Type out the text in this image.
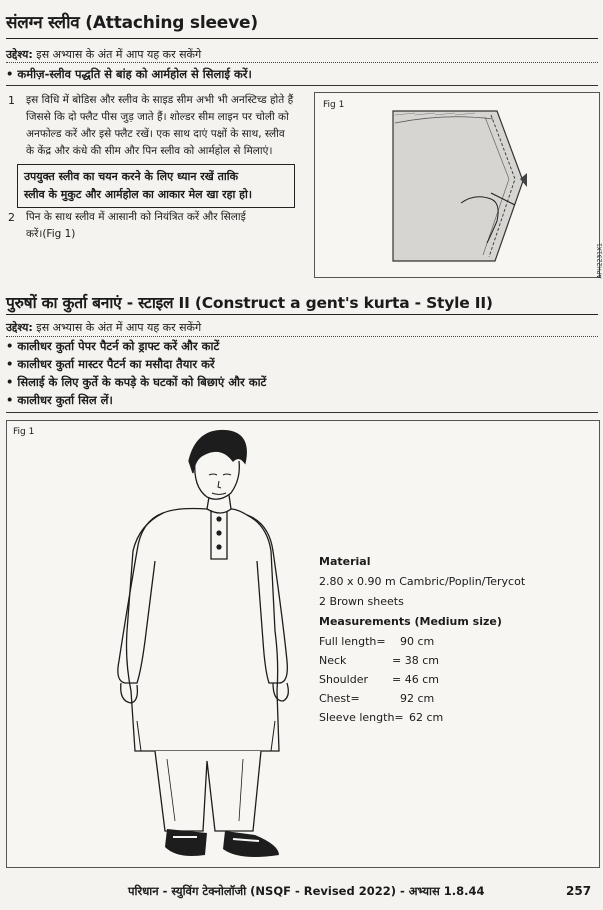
संलग्न स्लीव (Attaching sleeve)
उद्देश्य: इस अभ्यास के अंत में आप यह कर सकेंगे
• कमीज़-स्लीव पद्धति से बांह को आर्महोल से सिलाई करें।
1 इस विधि में बोडिस और स्लीव के साइड सीम अभी भी अनस्टिच्ड होते हैं
जिससे कि दो फ्लैट पीस जुड़ जाते हैं। शोल्डर सीम लाइन पर चोली को
अनफोल्ड करें और इसे फ्लैट रखें। एक साथ दाएं पक्षों के साथ, स्लीव
के केंद्र और कंधे की सीम और पिन स्लीव को आर्महोल से मिलाएं।
उपयुक्त स्लीव का चयन करने के लिए ध्यान रखें ताकि
स्लीव के मुकुट और आर्महोल का आकार मेल खा रहा हो।
2 पिन के साथ स्लीव में आसानी को नियंत्रित करें और सिलाई
करें।(Fig 1)
Fig 1
APH2231X1
पुरुषों का कुर्ता बनाएं - स्टाइल II (Construct a gent's kurta - Style II)
उद्देश्य: इस अभ्यास के अंत में आप यह कर सकेंगे
• कालीधर कुर्ता पेपर पैटर्न को ड्राफ्ट करें और काटें
• कालीधर कुर्ता मास्टर पैटर्न का मसौदा तैयार करें
• सिलाई के लिए कुर्ते के कपड़े के घटकों को बिछाएं और काटें
• कालीधर कुर्ता सिल लें।
Fig 1
Material
2.80 x 0.90 m Cambric/Poplin/Terycot
2 Brown sheets
Measurements (Medium size)
Full length= 90 cm
Neck	= 38 cm
Shoulder = 46 cm
Chest=	92 cm
Sleeve length= 62 cm
परिधान - स्युविंग टेक्नोलॉजी (NSQF - Revised 2022) - अभ्यास 1.8.44	257
